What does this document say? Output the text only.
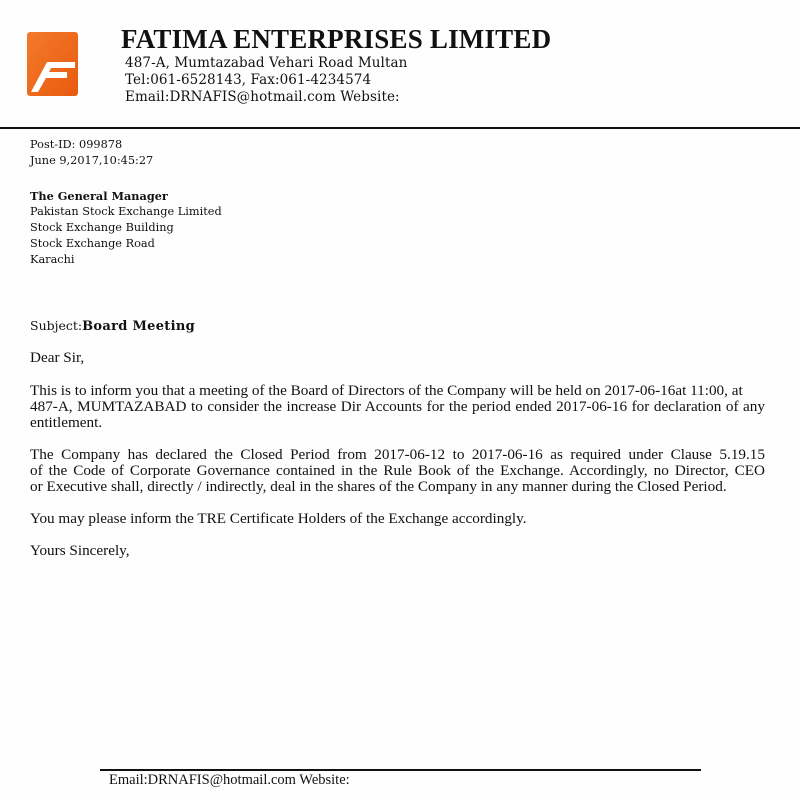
FATIMA ENTERPRISES LIMITED
487-A, Mumtazabad Vehari Road Multan
Tel:061-6528143, Fax:061-4234574
Email:DRNAFIS@hotmail.com Website:
Post-ID: 099878
June 9,2017,10:45:27
The General Manager
Pakistan Stock Exchange Limited
Stock Exchange Building
Stock Exchange Road
Karachi
Subject:Board Meeting
Dear Sir,
This is to inform you that a meeting of the Board of Directors of the Company will be held on 2017-06-16at 11:00, at
487-A, MUMTAZABAD to consider the increase Dir Accounts for the period ended 2017-06-16 for declaration of any
entitlement.
The Company has declared the Closed Period from 2017-06-12 to 2017-06-16 as required under Clause 5.19.15
of the Code of Corporate Governance contained in the Rule Book of the Exchange. Accordingly, no Director, CEO
or Executive shall, directly / indirectly, deal in the shares of the Company in any manner during the Closed Period.
You may please inform the TRE Certificate Holders of the Exchange accordingly.
Yours Sincerely,
Email:DRNAFIS@hotmail.com Website:
